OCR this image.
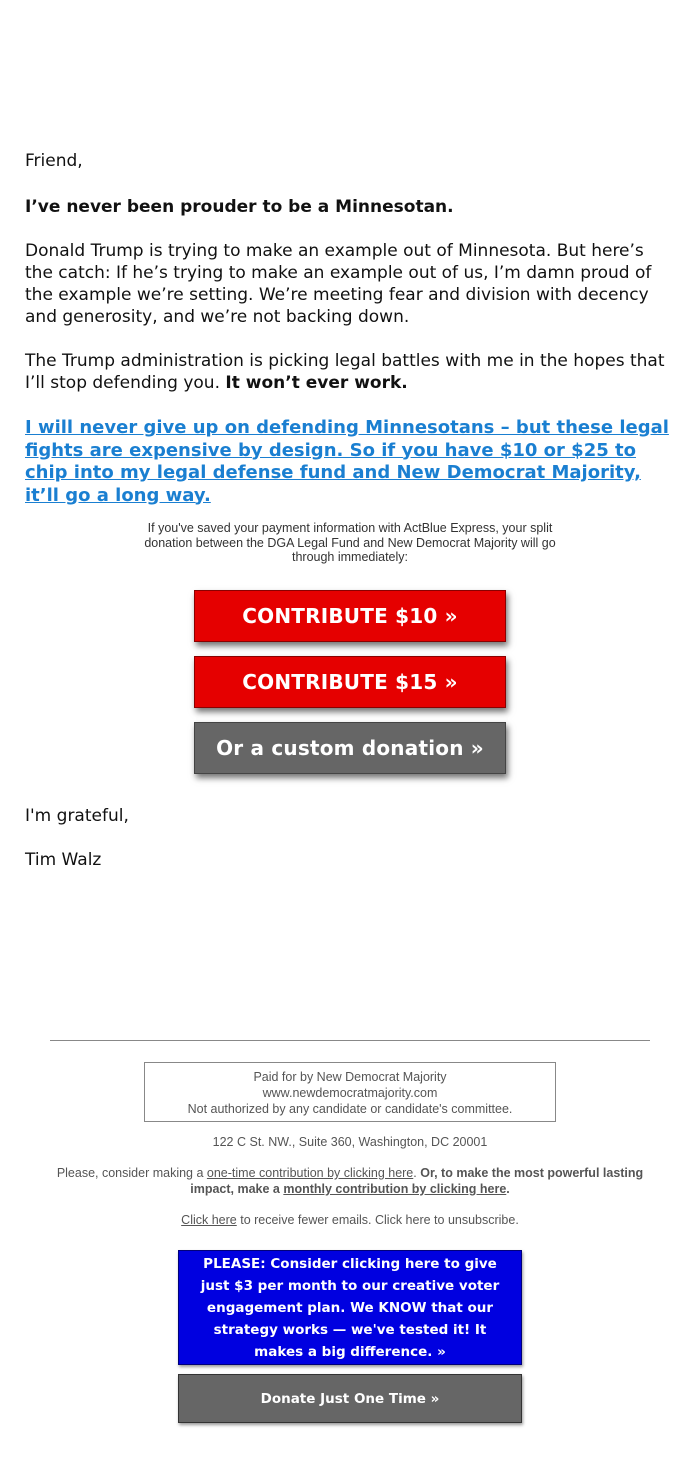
Friend,

I’ve never been prouder to be a Minnesotan.

Donald Trump is trying to make an example out of Minnesota. But here’s the catch: If he’s trying to make an example out of us, I’m damn proud of the example we’re setting. We’re meeting fear and division with decency and generosity, and we’re not backing down.

The Trump administration is picking legal battles with me in the hopes that I’ll stop defending you. It won’t ever work.

I will never give up on defending Minnesotans – but these legal fights are expensive by design. So if you have $10 or $25 to chip into my legal defense fund and New Democrat Majority, it’ll go a long way.

If you've saved your payment information with ActBlue Express, your split donation between the DGA Legal Fund and New Democrat Majority will go through immediately:

CONTRIBUTE $10 »
CONTRIBUTE $15 »
Or a custom donation »

I'm grateful,

Tim Walz

Paid for by New Democrat Majority
www.newdemocratmajority.com
Not authorized by any candidate or candidate's committee.

122 C St. NW., Suite 360, Washington, DC 20001

Please, consider making a one-time contribution by clicking here. Or, to make the most powerful lasting impact, make a monthly contribution by clicking here.

Click here to receive fewer emails. Click here to unsubscribe.

PLEASE: Consider clicking here to give just $3 per month to our creative voter engagement plan. We KNOW that our strategy works — we've tested it! It makes a big difference. »
Donate Just One Time »
